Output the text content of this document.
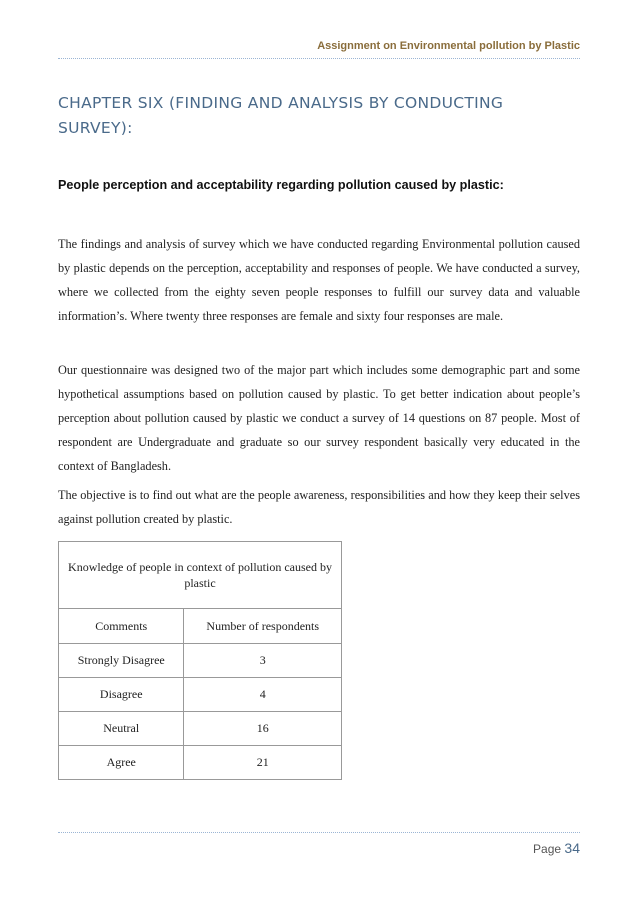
Assignment on Environmental pollution by Plastic
CHAPTER SIX (FINDING AND ANALYSIS BY CONDUCTING SURVEY):
People perception and acceptability regarding pollution caused by plastic:

The findings and analysis of survey which we have conducted regarding Environmental pollution caused by plastic depends on the perception, acceptability and responses of people. We have conducted a survey, where we collected from the eighty seven people responses to fulfill our survey data and valuable information’s. Where twenty three responses are female and sixty four responses are male.

Our questionnaire was designed two of the major part which includes some demographic part and some hypothetical assumptions based on pollution caused by plastic. To get better indication about people’s perception about pollution caused by plastic we conduct a survey of 14 questions on 87 people. Most of respondent are Undergraduate and graduate so our survey respondent basically very educated in the context of Bangladesh.

The objective is to find out what are the people awareness, responsibilities and how they keep their selves against pollution created by plastic.

Knowledge of people in context of pollution caused by plastic	
Comments	Number of respondents
Strongly Disagree	3
Disagree	4
Neutral	16
Agree	21
Page 34
